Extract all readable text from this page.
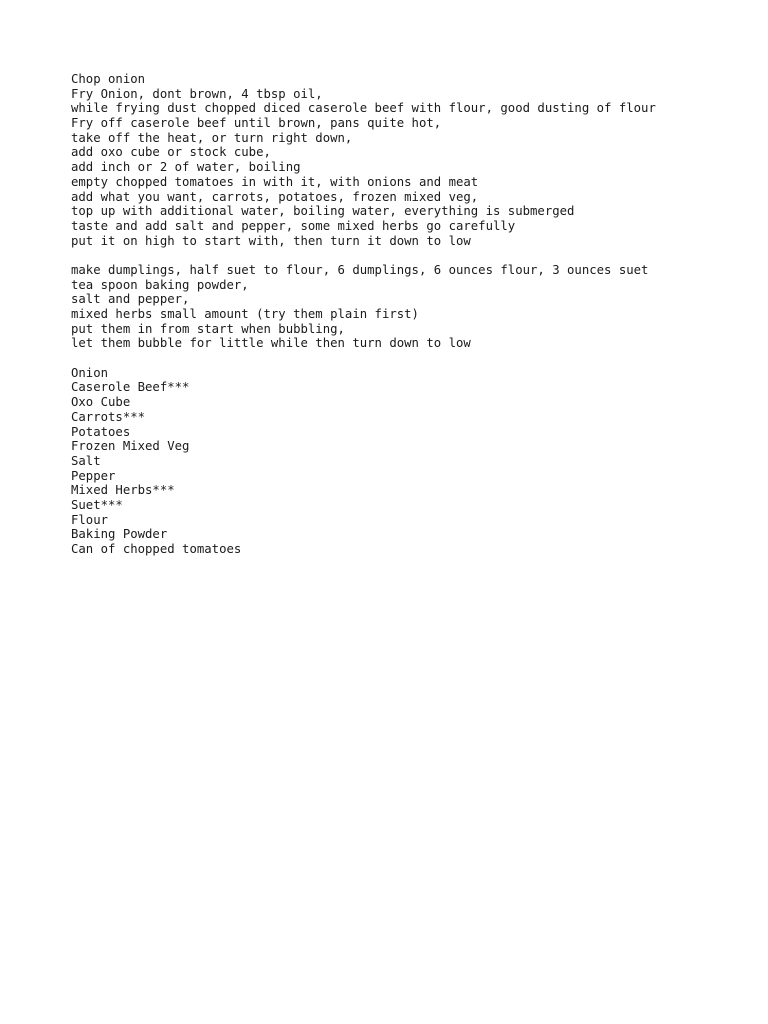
Chop onion
Fry Onion, dont brown, 4 tbsp oil,
while frying dust chopped diced caserole beef with flour, good dusting of flour
Fry off caserole beef until brown, pans quite hot,
take off the heat, or turn right down,
add oxo cube or stock cube,
add inch or 2 of water, boiling
empty chopped tomatoes in with it, with onions and meat
add what you want, carrots, potatoes, frozen mixed veg,
top up with additional water, boiling water, everything is submerged
taste and add salt and pepper, some mixed herbs go carefully
put it on high to start with, then turn it down to low
make dumplings, half suet to flour, 6 dumplings, 6 ounces flour, 3 ounces suet
tea spoon baking powder,
salt and pepper,
mixed herbs small amount (try them plain first)
put them in from start when bubbling,
let them bubble for little while then turn down to low
Onion
Caserole Beef***
Oxo Cube
Carrots***
Potatoes
Frozen Mixed Veg
Salt
Pepper
Mixed Herbs***
Suet***
Flour
Baking Powder
Can of chopped tomatoes
